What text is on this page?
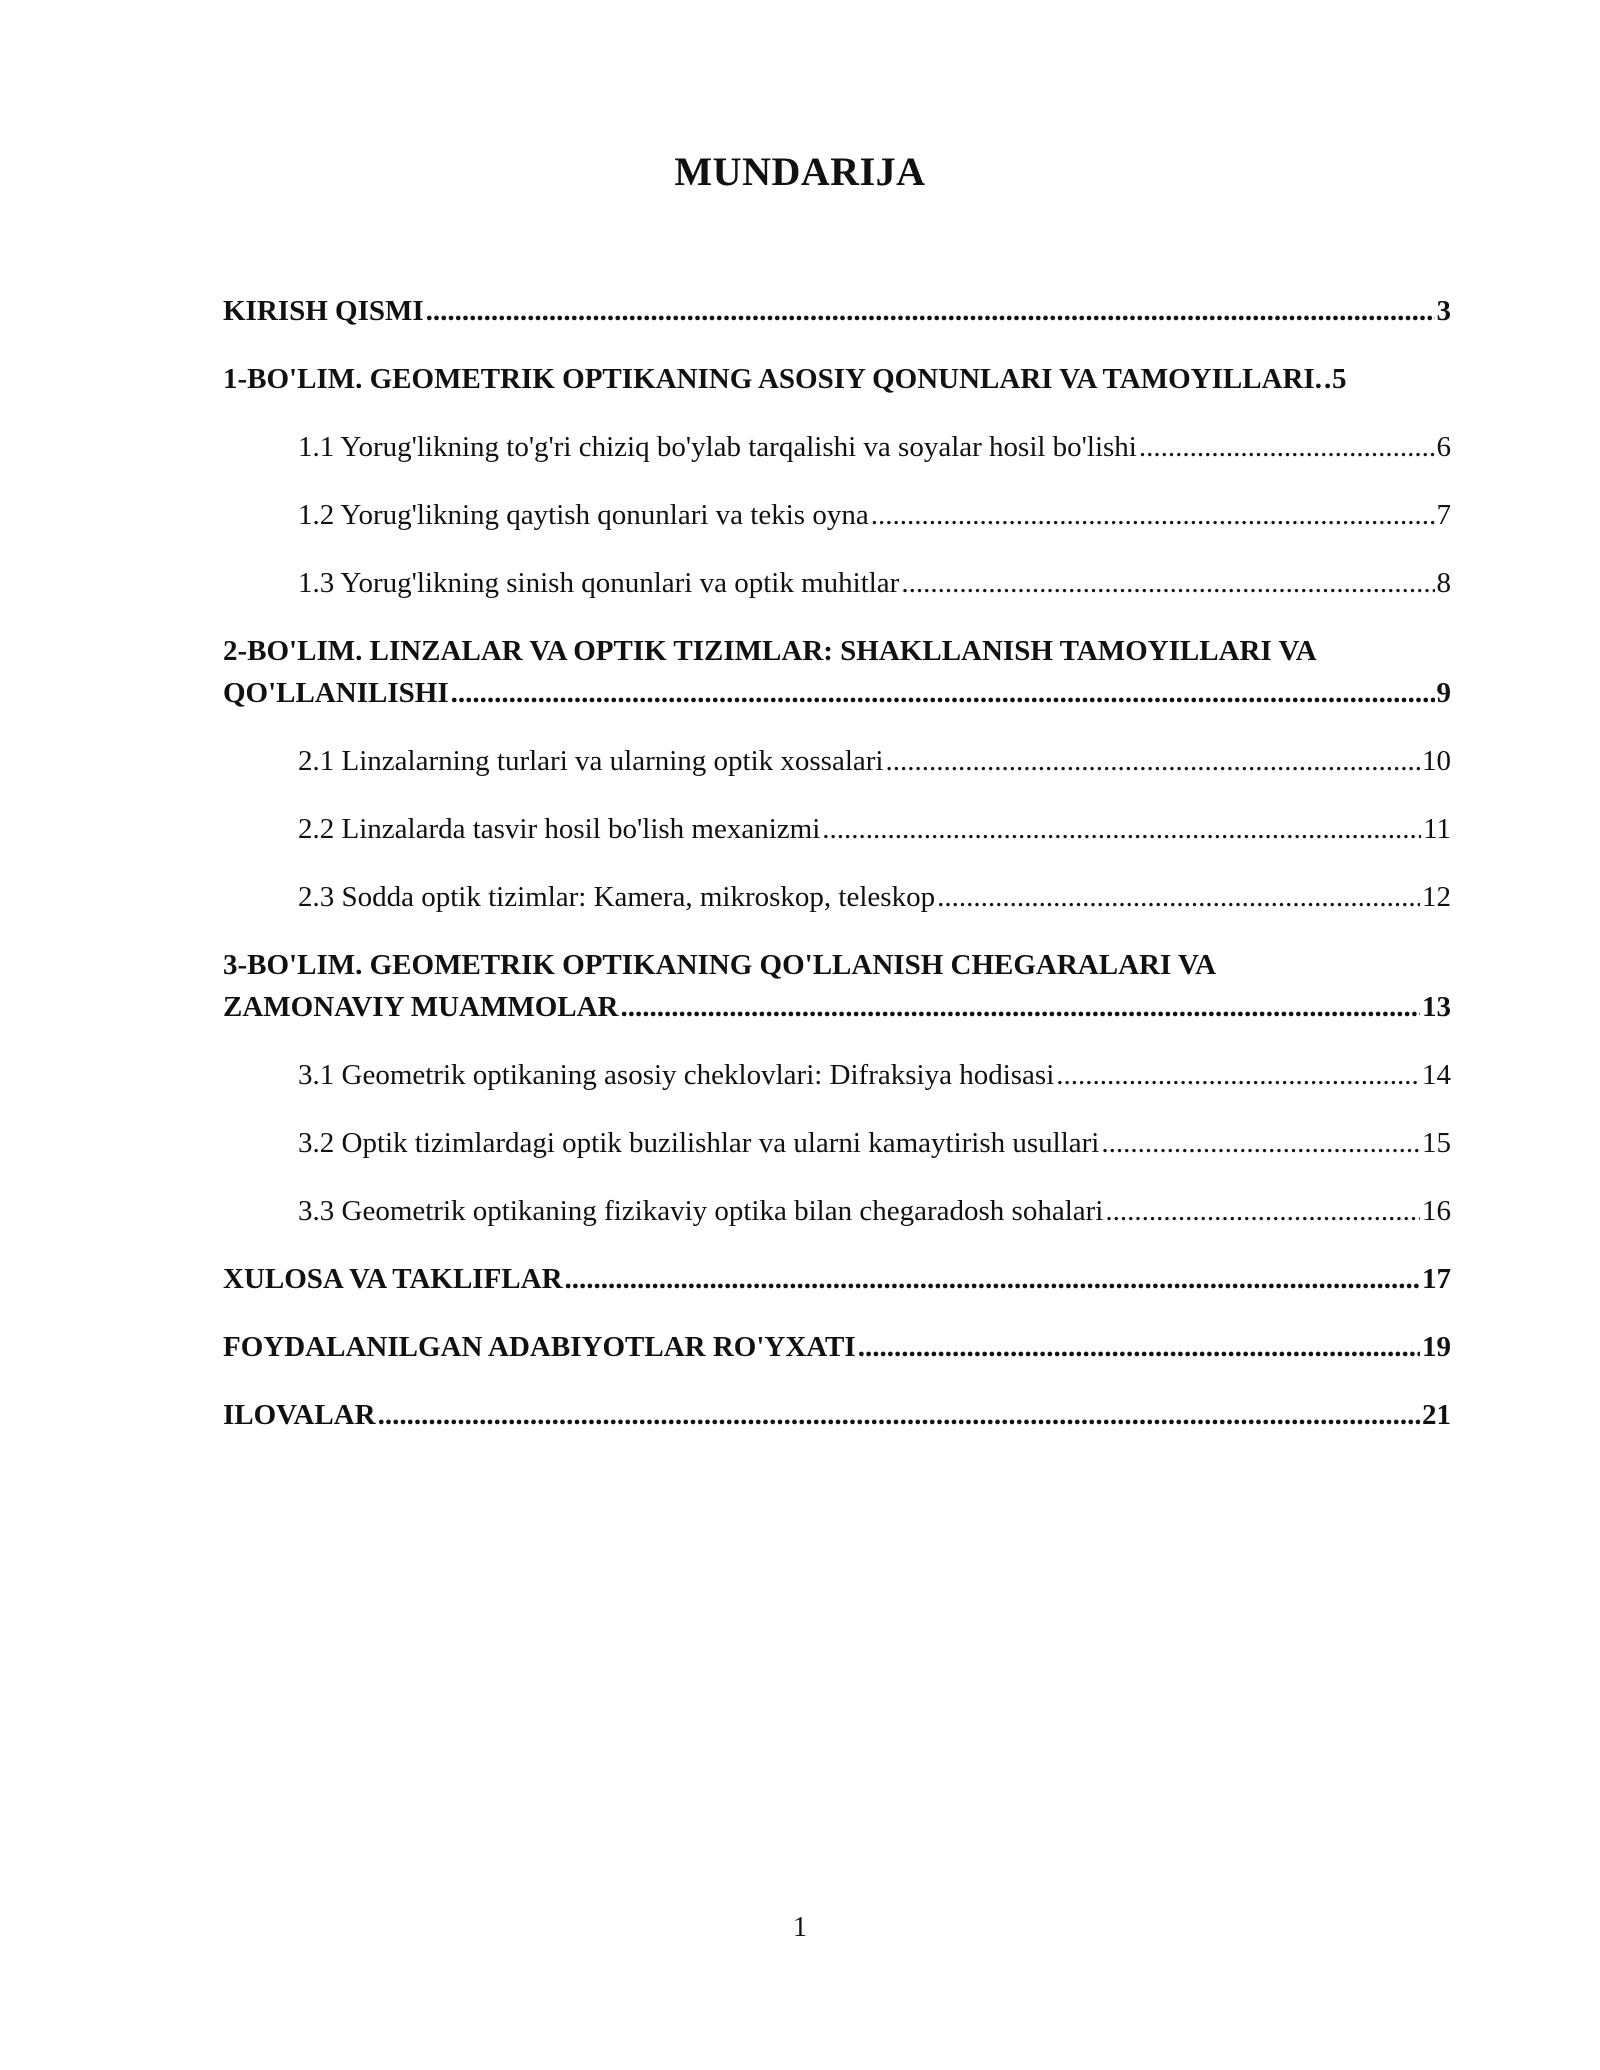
MUNDARIJA
KIRISH QISMI .....	3
1-BO'LIM. GEOMETRIK OPTIKANING ASOSIY QONUNLARI VA TAMOYILLARI. ..... 5
1.1 Yorug'likning to'g'ri chiziq bo'ylab tarqalishi va soyalar hosil bo'lishi .....	6
1.2 Yorug'likning qaytish qonunlari va tekis oyna .....	7
1.3 Yorug'likning sinish qonunlari va optik muhitlar .....	8
2-BO'LIM. LINZALAR VA OPTIK TIZIMLAR: SHAKLLANISH TAMOYILLARI VA
QO'LLANILISHI .....	9
2.1 Linzalarning turlari va ularning optik xossalari .....	10
2.2 Linzalarda tasvir hosil bo'lish mexanizmi .....	11
2.3 Sodda optik tizimlar: Kamera, mikroskop, teleskop .....	12
3-BO'LIM. GEOMETRIK OPTIKANING QO'LLANISH CHEGARALARI VA
ZAMONAVIY MUAMMOLAR .....	13
3.1 Geometrik optikaning asosiy cheklovlari: Difraksiya hodisasi .....	14
3.2 Optik tizimlardagi optik buzilishlar va ularni kamaytirish usullari .....	15
3.3 Geometrik optikaning fizikaviy optika bilan chegaradosh sohalari .....	16
XULOSA VA TAKLIFLAR .....	17
FOYDALANILGAN ADABIYOTLAR RO'YXATI .....	19
ILOVALAR .....	21
1
